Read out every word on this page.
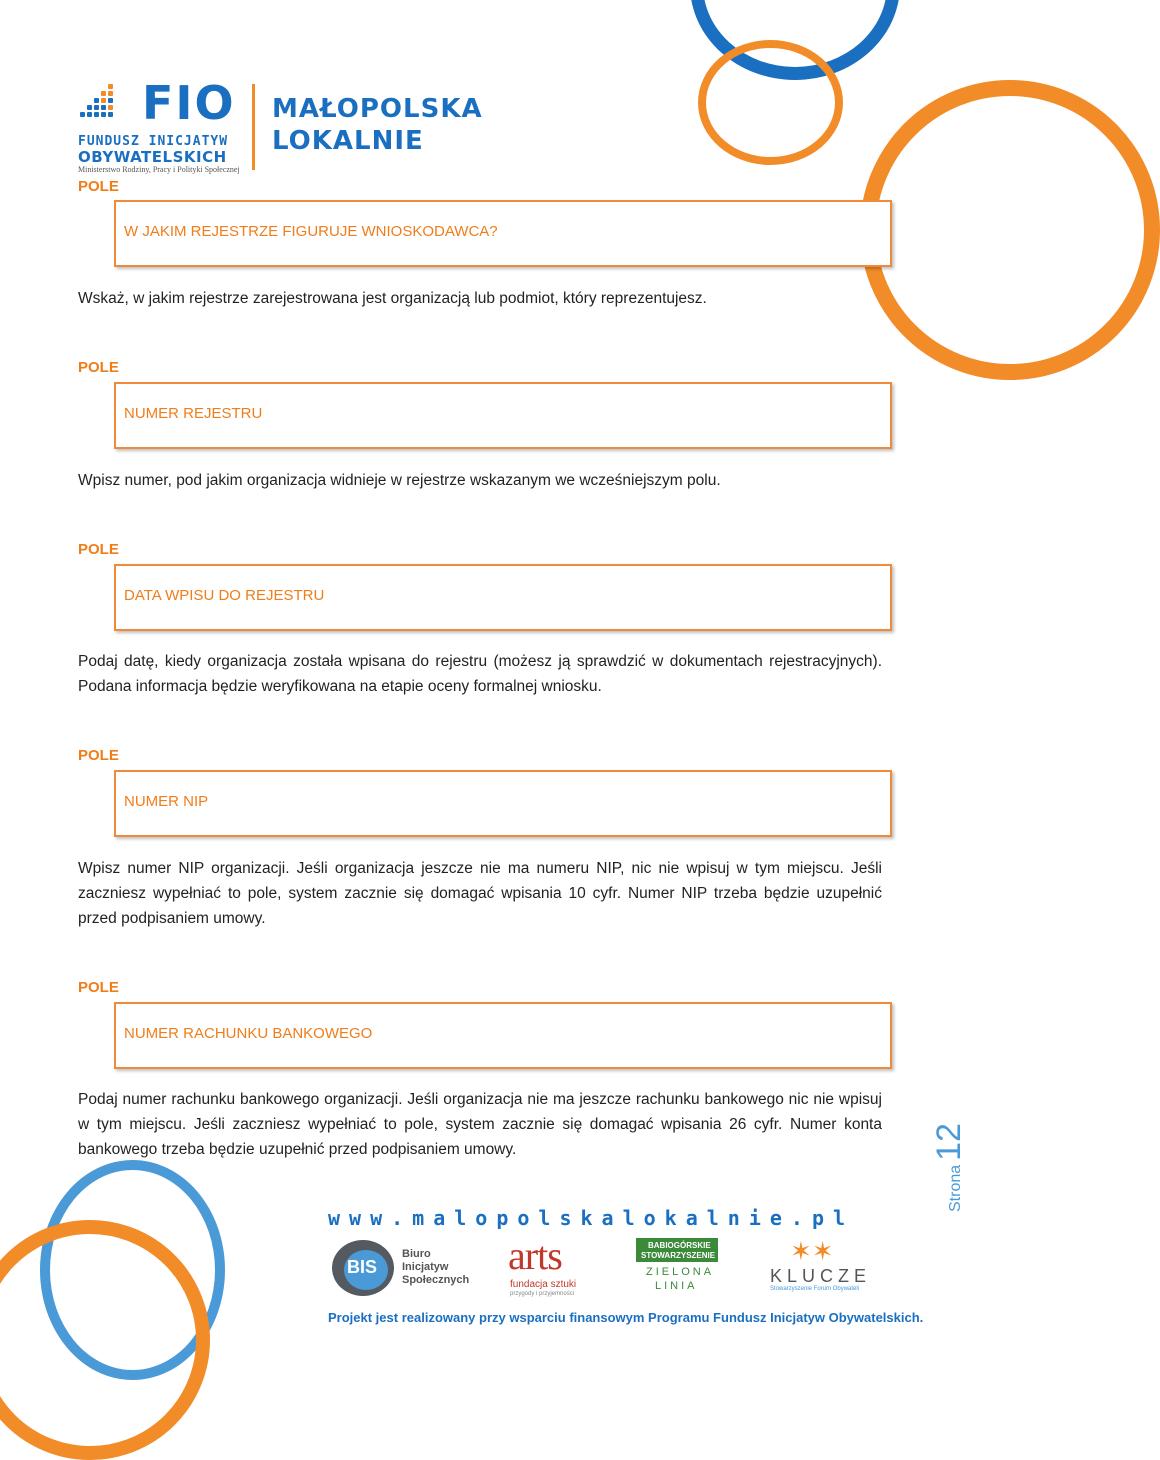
FIO
FUNDUSZ INICJATYW
OBYWATELSKICH
Ministerstwo Rodziny, Pracy i Polityki Społecznej
MAŁOPOLSKA
LOKALNIE
POLE
W JAKIM REJESTRZE FIGURUJE WNIOSKODAWCA?
Wskaż, w jakim rejestrze zarejestrowana jest organizacją lub podmiot, który reprezentujesz.
POLE
NUMER REJESTRU
Wpisz numer, pod jakim organizacja widnieje w rejestrze wskazanym we wcześniejszym polu.
POLE
DATA WPISU DO REJESTRU
Podaj datę, kiedy organizacja została wpisana do rejestru (możesz ją sprawdzić w dokumentach rejestracyjnych). Podana informacja będzie weryfikowana na etapie oceny formalnej wniosku.
POLE
NUMER NIP
Wpisz numer NIP organizacji. Jeśli organizacja jeszcze nie ma numeru NIP, nic nie wpisuj w tym miejscu. Jeśli zaczniesz wypełniać to pole, system zacznie się domagać wpisania 10 cyfr. Numer NIP trzeba będzie uzupełnić przed podpisaniem umowy.
POLE
NUMER RACHUNKU BANKOWEGO
Podaj numer rachunku bankowego organizacji. Jeśli organizacja nie ma jeszcze rachunku bankowego nic nie wpisuj w tym miejscu. Jeśli zaczniesz wypełniać to pole, system zacznie się domagać wpisania 26 cyfr. Numer konta bankowego trzeba będzie uzupełnić przed podpisaniem umowy.
Strona12
www.malopolskalokalnie.pl
BIS
Biuro
Inicjatyw
Społecznych
arts
fundacja sztuki
przygody i przyjemności
BABIOGÓRSKIE
STOWARZYSZENIE
ZIELONA
LINIA
✶✶
KLUCZE
Stowarzyszenie Forum Obywateli
Projekt jest realizowany przy wsparciu finansowym Programu Fundusz Inicjatyw Obywatelskich.
